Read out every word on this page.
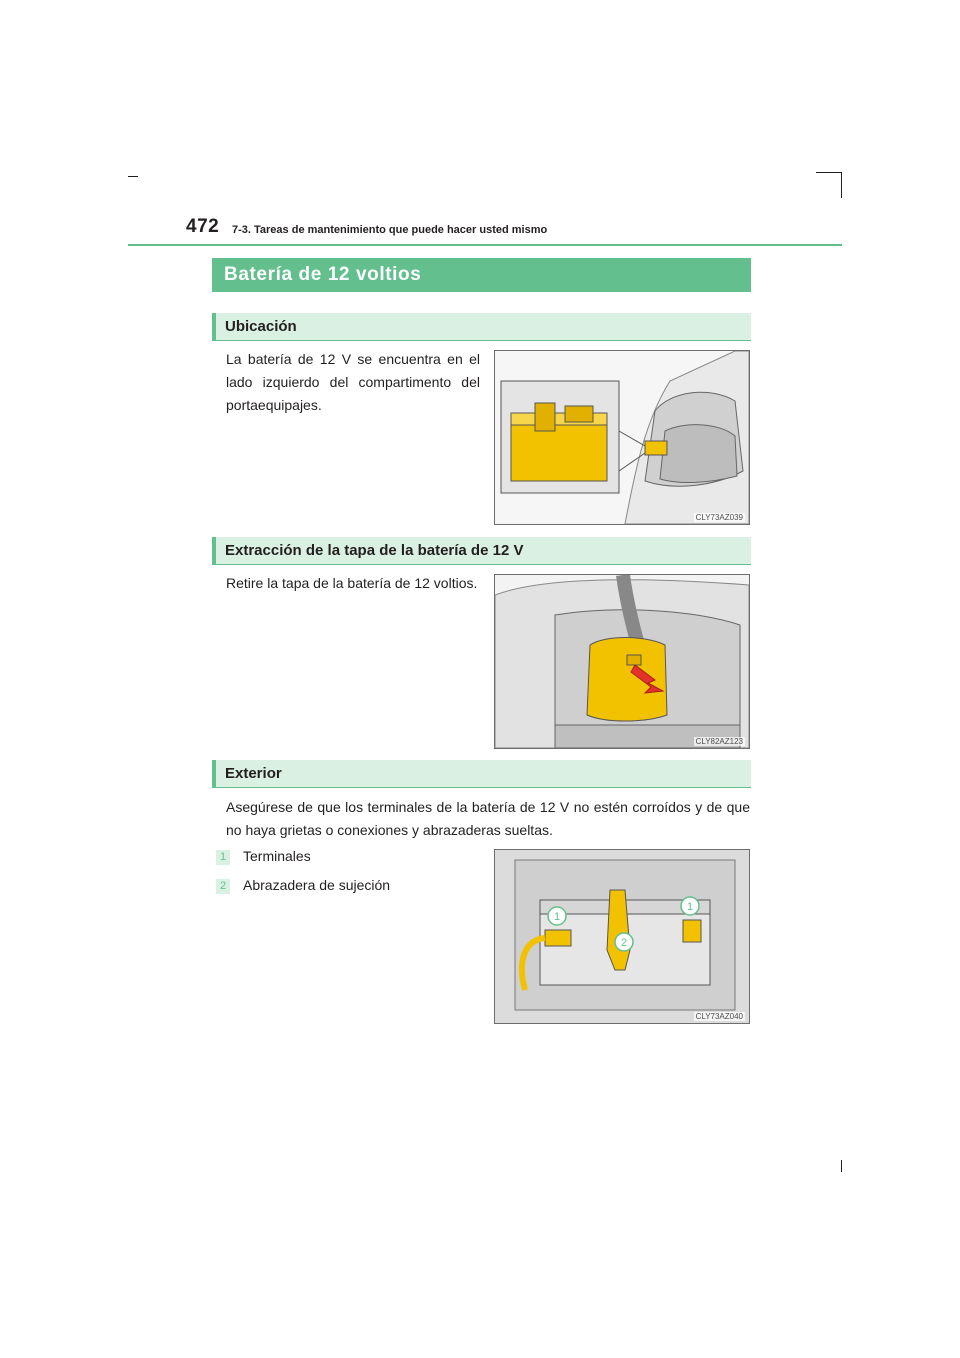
472 7-3. Tareas de mantenimiento que puede hacer usted mismo
Batería de 12 voltios
Ubicación
La batería de 12 V se encuentra en el lado izquierdo del compartimento del portaequipajes.
CLY73AZ039
Extracción de la tapa de la batería de 12 V
Retire la tapa de la batería de 12 voltios.
CLY82AZ123
Exterior
Asegúrese de que los terminales de la batería de 12 V no estén corroídos y de que no haya grietas o conexiones y abrazaderas sueltas.
1 Terminales
2 Abrazadera de sujeción
1
2
1
CLY73AZ040
